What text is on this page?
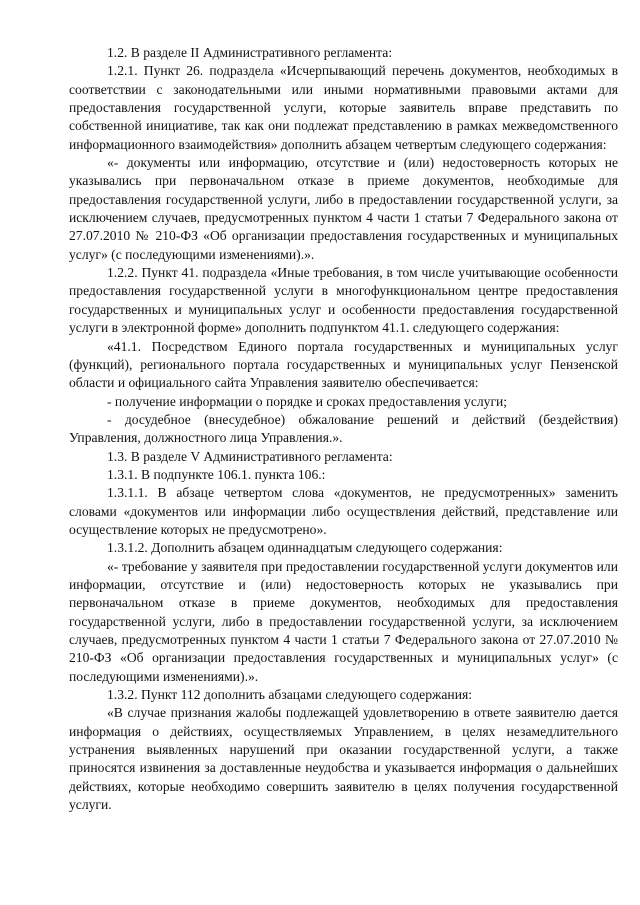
1.2. В разделе II Административного регламента:

1.2.1. Пункт 26. подраздела «Исчерпывающий перечень документов, необходимых в соответствии с законодательными или иными нормативными правовыми актами для предоставления государственной услуги, которые заявитель вправе представить по собственной инициативе, так как они подлежат представлению в рамках межведомственного информационного взаимодействия» дополнить абзацем четвертым следующего содержания:

«- документы или информацию, отсутствие и (или) недостоверность которых не указывались при первоначальном отказе в приеме документов, необходимые для предоставления государственной услуги, либо в предоставлении государственной услуги, за исключением случаев, предусмотренных пунктом 4 части 1 статьи 7 Федерального закона от 27.07.2010 № 210-ФЗ «Об организации предоставления государственных и муниципальных услуг» (с последующими изменениями).».

1.2.2. Пункт 41. подраздела «Иные требования, в том числе учитывающие особенности предоставления государственной услуги в многофункциональном центре предоставления государственных и муниципальных услуг и особенности предоставления государственной услуги в электронной форме» дополнить подпунктом 41.1. следующего содержания:

«41.1. Посредством Единого портала государственных и муниципальных услуг (функций), регионального портала государственных и муниципальных услуг Пензенской области и официального сайта Управления заявителю обеспечивается:

- получение информации о порядке и сроках предоставления услуги;

- досудебное (внесудебное) обжалование решений и действий (бездействия) Управления, должностного лица Управления.».

1.3. В разделе V Административного регламента:

1.3.1. В подпункте 106.1. пункта 106.:

1.3.1.1. В абзаце четвертом слова «документов, не предусмотренных» заменить словами «документов или информации либо осуществления действий, представление или осуществление которых не предусмотрено».

1.3.1.2. Дополнить абзацем одиннадцатым следующего содержания:

«- требование у заявителя при предоставлении государственной услуги документов или информации, отсутствие и (или) недостоверность которых не указывались при первоначальном отказе в приеме документов, необходимых для предоставления государственной услуги, либо в предоставлении государственной услуги, за исключением случаев, предусмотренных пунктом 4 части 1 статьи 7 Федерального закона от 27.07.2010 № 210-ФЗ «Об организации предоставления государственных и муниципальных услуг» (с последующими изменениями).».

1.3.2. Пункт 112 дополнить абзацами следующего содержания:

«В случае признания жалобы подлежащей удовлетворению в ответе заявителю дается информация о действиях, осуществляемых Управлением, в целях незамедлительного устранения выявленных нарушений при оказании государственной услуги, а также приносятся извинения за доставленные неудобства и указывается информация о дальнейших действиях, которые необходимо совершить заявителю в целях получения государственной услуги.
